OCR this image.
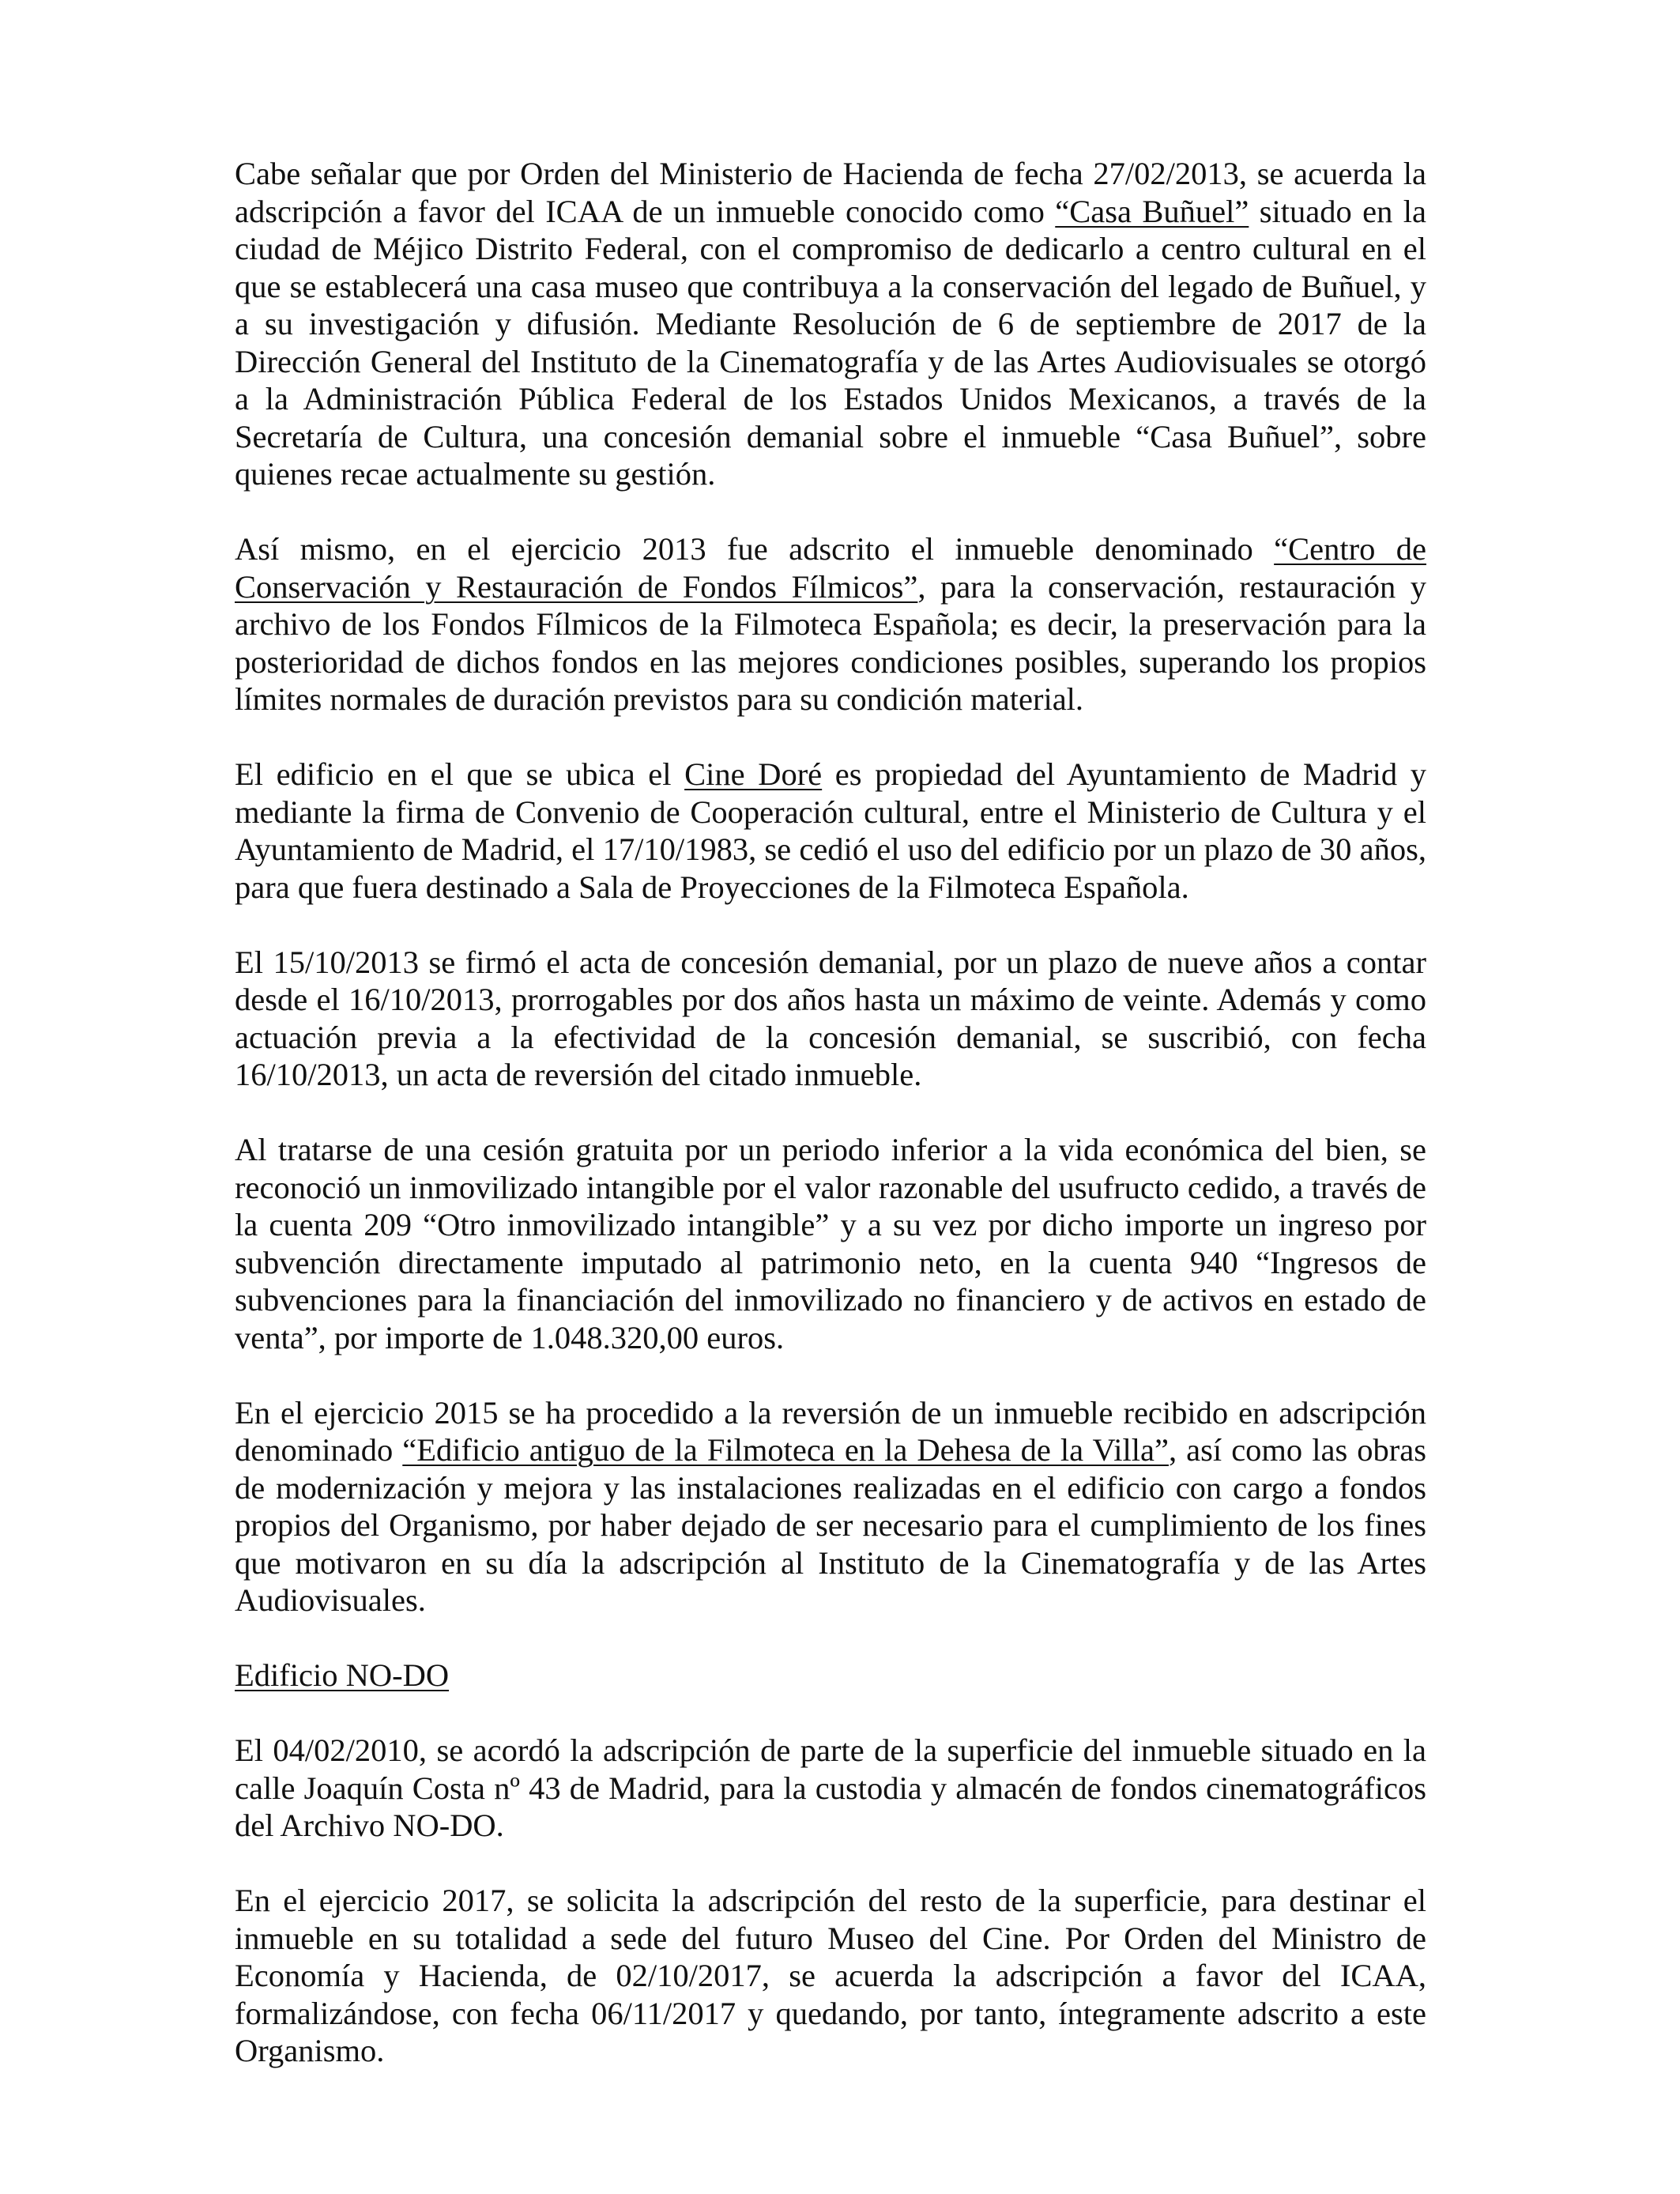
Cabe señalar que por Orden del Ministerio de Hacienda de fecha 27/02/2013, se acuerda la adscripción a favor del ICAA de un inmueble conocido como “Casa Buñuel” situado en la ciudad de Méjico Distrito Federal, con el compromiso de dedicarlo a centro cultural en el que se establecerá una casa museo que contribuya a la conservación del legado de Buñuel, y a su investigación y difusión. Mediante Resolución de 6 de septiembre de 2017 de la Dirección General del Instituto de la Cinematografía y de las Artes Audiovisuales se otorgó a la Administración Pública Federal de los Estados Unidos Mexicanos, a través de la Secretaría de Cultura, una concesión demanial sobre el inmueble “Casa Buñuel”, sobre quienes recae actualmente su gestión.

Así mismo, en el ejercicio 2013 fue adscrito el inmueble denominado “Centro de Conservación y Restauración de Fondos Fílmicos”, para la conservación, restauración y archivo de los Fondos Fílmicos de la Filmoteca Española; es decir, la preservación para la posterioridad de dichos fondos en las mejores condiciones posibles, superando los propios límites normales de duración previstos para su condición material.

El edificio en el que se ubica el Cine Doré es propiedad del Ayuntamiento de Madrid y mediante la firma de Convenio de Cooperación cultural, entre el Ministerio de Cultura y el Ayuntamiento de Madrid, el 17/10/1983, se cedió el uso del edificio por un plazo de 30 años, para que fuera destinado a Sala de Proyecciones de la Filmoteca Española.

El 15/10/2013 se firmó el acta de concesión demanial, por un plazo de nueve años a contar desde el 16/10/2013, prorrogables por dos años hasta un máximo de veinte. Además y como actuación previa a la efectividad de la concesión demanial, se suscribió, con fecha 16/10/2013, un acta de reversión del citado inmueble.

Al tratarse de una cesión gratuita por un periodo inferior a la vida económica del bien, se reconoció un inmovilizado intangible por el valor razonable del usufructo cedido, a través de la cuenta 209 “Otro inmovilizado intangible” y a su vez por dicho importe un ingreso por subvención directamente imputado al patrimonio neto, en la cuenta 940 “Ingresos de subvenciones para la financiación del inmovilizado no financiero y de activos en estado de venta”, por importe de 1.048.320,00 euros.

En el ejercicio 2015 se ha procedido a la reversión de un inmueble recibido en adscripción denominado “Edificio antiguo de la Filmoteca en la Dehesa de la Villa”, así como las obras de modernización y mejora y las instalaciones realizadas en el edificio con cargo a fondos propios del Organismo, por haber dejado de ser necesario para el cumplimiento de los fines que motivaron en su día la adscripción al Instituto de la Cinematografía y de las Artes Audiovisuales.

Edificio NO-DO

El 04/02/2010, se acordó la adscripción de parte de la superficie del inmueble situado en la calle Joaquín Costa nº 43 de Madrid, para la custodia y almacén de fondos cinematográficos del Archivo NO-DO.

En el ejercicio 2017, se solicita la adscripción del resto de la superficie, para destinar el inmueble en su totalidad a sede del futuro Museo del Cine. Por Orden del Ministro de Economía y Hacienda, de 02/10/2017, se acuerda la adscripción a favor del ICAA, formalizándose, con fecha 06/11/2017 y quedando, por tanto, íntegramente adscrito a este Organismo.
